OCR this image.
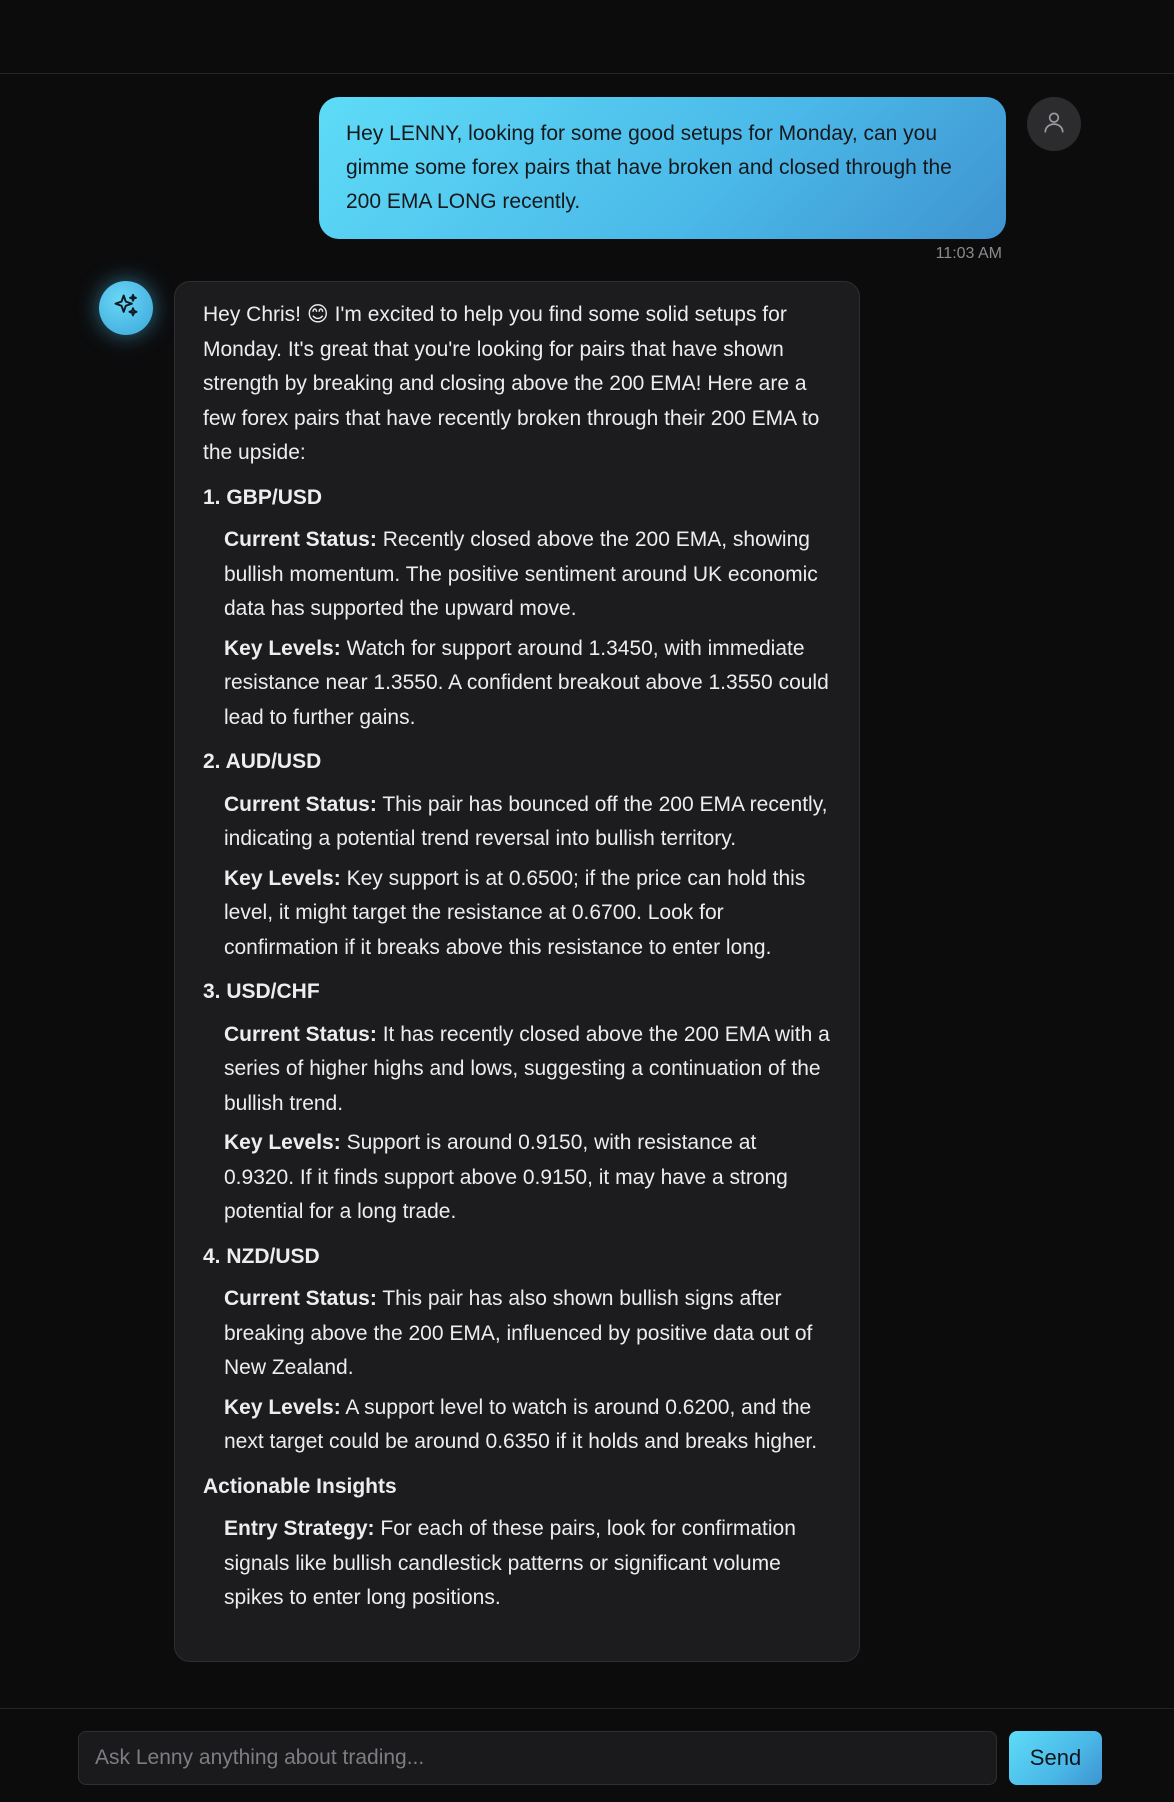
Hey LENNY, looking for some good setups for Monday, can you gimme some forex pairs that have broken and closed through the 200 EMA LONG recently.
11:03 AM

Hey Chris! 😊 I'm excited to help you find some solid setups for Monday. It's great that you're looking for pairs that have shown strength by breaking and closing above the 200 EMA! Here are a few forex pairs that have recently broken through their 200 EMA to the upside:

1. GBP/USD

Current Status: Recently closed above the 200 EMA, showing bullish momentum. The positive sentiment around UK economic data has supported the upward move.

Key Levels: Watch for support around 1.3450, with immediate resistance near 1.3550. A confident breakout above 1.3550 could lead to further gains.

2. AUD/USD

Current Status: This pair has bounced off the 200 EMA recently, indicating a potential trend reversal into bullish territory.

Key Levels: Key support is at 0.6500; if the price can hold this level, it might target the resistance at 0.6700. Look for confirmation if it breaks above this resistance to enter long.

3. USD/CHF

Current Status: It has recently closed above the 200 EMA with a series of higher highs and lows, suggesting a continuation of the bullish trend.

Key Levels: Support is around 0.9150, with resistance at 0.9320. If it finds support above 0.9150, it may have a strong potential for a long trade.

4. NZD/USD

Current Status: This pair has also shown bullish signs after breaking above the 200 EMA, influenced by positive data out of New Zealand.

Key Levels: A support level to watch is around 0.6200, and the next target could be around 0.6350 if it holds and breaks higher.

Actionable Insights

Entry Strategy: For each of these pairs, look for confirmation signals like bullish candlestick patterns or significant volume spikes to enter long positions.

Ask Lenny anything about trading...
Send
